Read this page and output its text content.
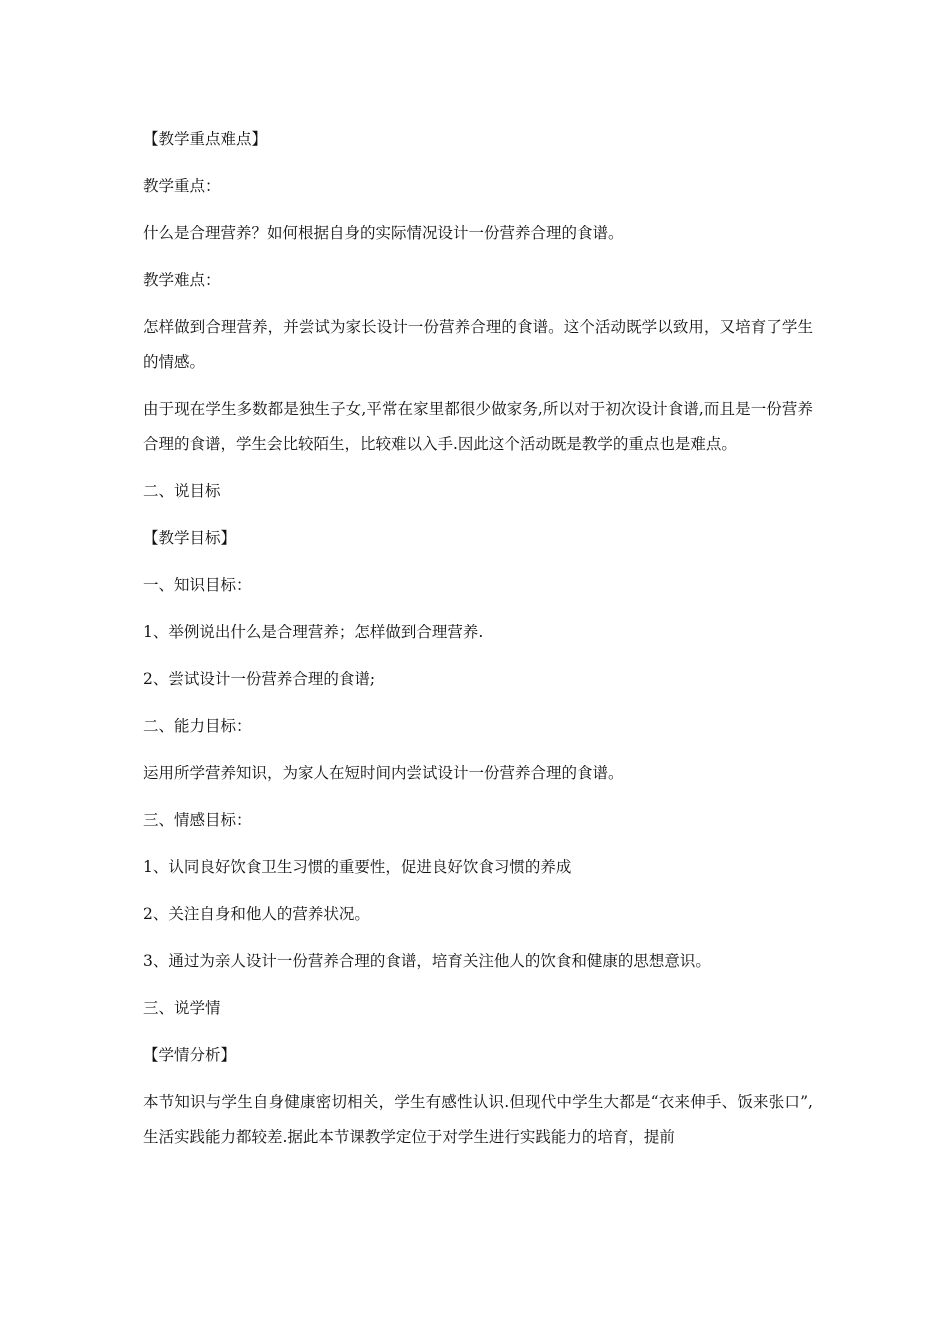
【教学重点难点】

教学重点：

什么是合理营养？如何根据自身的实际情况设计一份营养合理的食谱。

教学难点：

怎样做到合理营养，并尝试为家长设计一份营养合理的食谱。这个活动既学以致用，又培育了学生的情感。

由于现在学生多数都是独生子女,平常在家里都很少做家务,所以对于初次设计食谱,而且是一份营养合理的食谱，学生会比较陌生，比较难以入手.因此这个活动既是教学的重点也是难点。

二、说目标

【教学目标】

一、知识目标：

1、举例说出什么是合理营养；怎样做到合理营养.

2、尝试设计一份营养合理的食谱;

二、能力目标：

运用所学营养知识，为家人在短时间内尝试设计一份营养合理的食谱。

三、情感目标：

1、认同良好饮食卫生习惯的重要性，促进良好饮食习惯的养成

2、关注自身和他人的营养状况。

3、通过为亲人设计一份营养合理的食谱，培育关注他人的饮食和健康的思想意识。

三、说学情

【学情分析】

本节知识与学生自身健康密切相关，学生有感性认识.但现代中学生大都是“衣来伸手、饭来张口”,生活实践能力都较差.据此本节课教学定位于对学生进行实践能力的培育，提前
